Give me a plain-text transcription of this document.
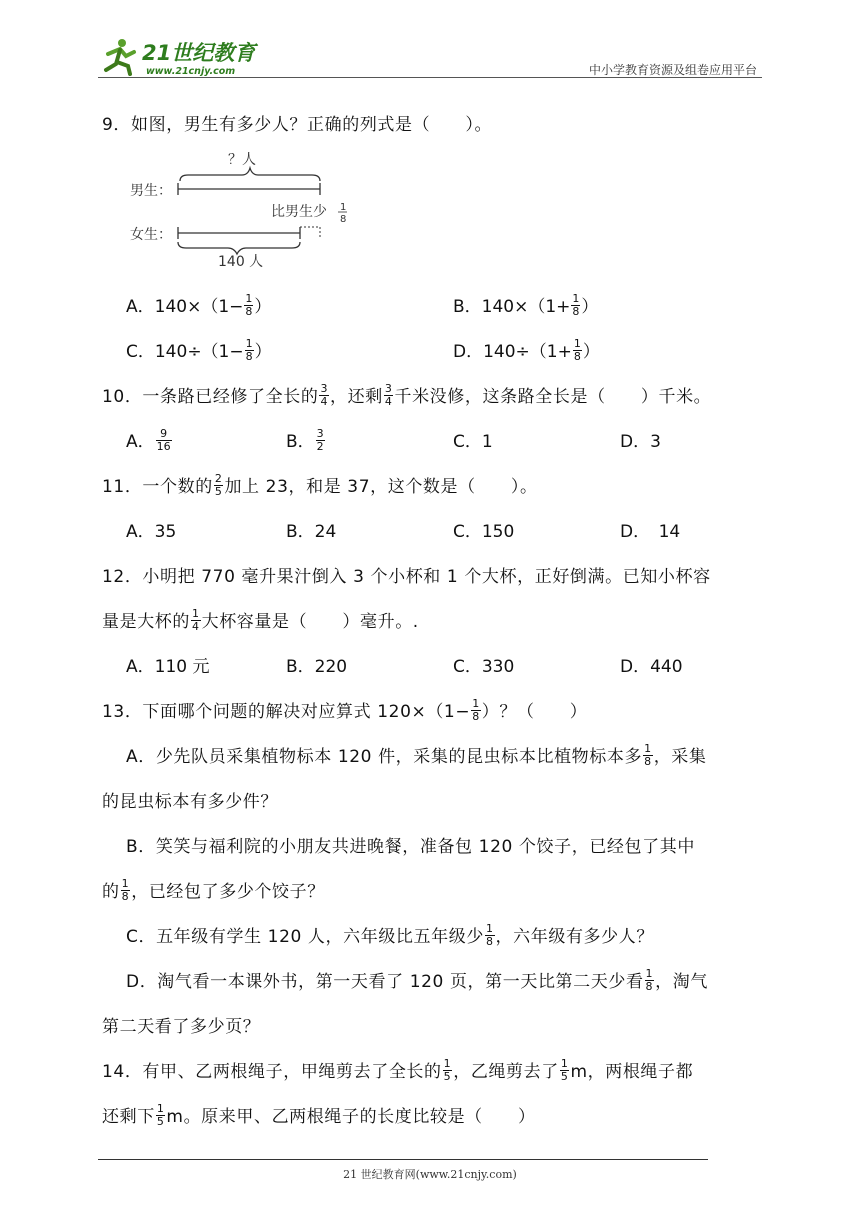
21世纪教育
www.21cnjy.com	中小学教育资源及组卷应用平台
9．如图，男生有多少人？正确的列式是（　　）。
？人
男生：
比男生少 1
8
女生：
140 人
A．$140\times(1- \frac{1}{8}$ ）	B．$140\times(1+ \frac{1}{8}$ ）
C．$140\div(1- \frac{1}{8}$ ）	D．$140\div(1+ \frac{1}{8}$ ）
10．一条路已经修了全长的 $\frac{3}{4}$ ，还剩 $\frac{3}{4}$ 千米没修，这条路全长是（　　）千米。
A． $\frac{9}{16}$	B． $\frac{3}{2}$	C．1	D．3
11．一个数的 $\frac{2}{5}$ 加上 23，和是 37，这个数是（　　）。
A．35	B．24	C．150	D．　14
12．小明把 770 毫升果汁倒入 3 个小杯和 1 个大杯，正好倒满。已知小杯容
量是大杯的 $\frac{1}{4}$ 大杯容量是（　　）毫升。.
A．110 元	B．220	C．330	D．440
13．下面哪个问题的解决对应算式 $120\times(1- \frac{1}{8}$ ）？（　　）
A．少先队员采集植物标本 120 件，采集的昆虫标本比植物标本多 $\frac{1}{8}$ ，采集
的昆虫标本有多少件？
B．笑笑与福利院的小朋友共进晚餐，准备包 120 个饺子，已经包了其中
的 $\frac{1}{8}$ ，已经包了多少个饺子？
C．五年级有学生 120 人，六年级比五年级少 $\frac{1}{8}$ ，六年级有多少人？
D．淘气看一本课外书，第一天看了 120 页，第一天比第二天少看 $\frac{1}{8}$ ，淘气
第二天看了多少页？
14．有甲、乙两根绳子，甲绳剪去了全长的 $\frac{1}{5}$ ，乙绳剪去了 $\frac{1}{5}$ m，两根绳子都
还剩下 $\frac{1}{5}$ m。原来甲、乙两根绳子的长度比较是（　　）
21 世纪教育网(www.21cnjy.com)
